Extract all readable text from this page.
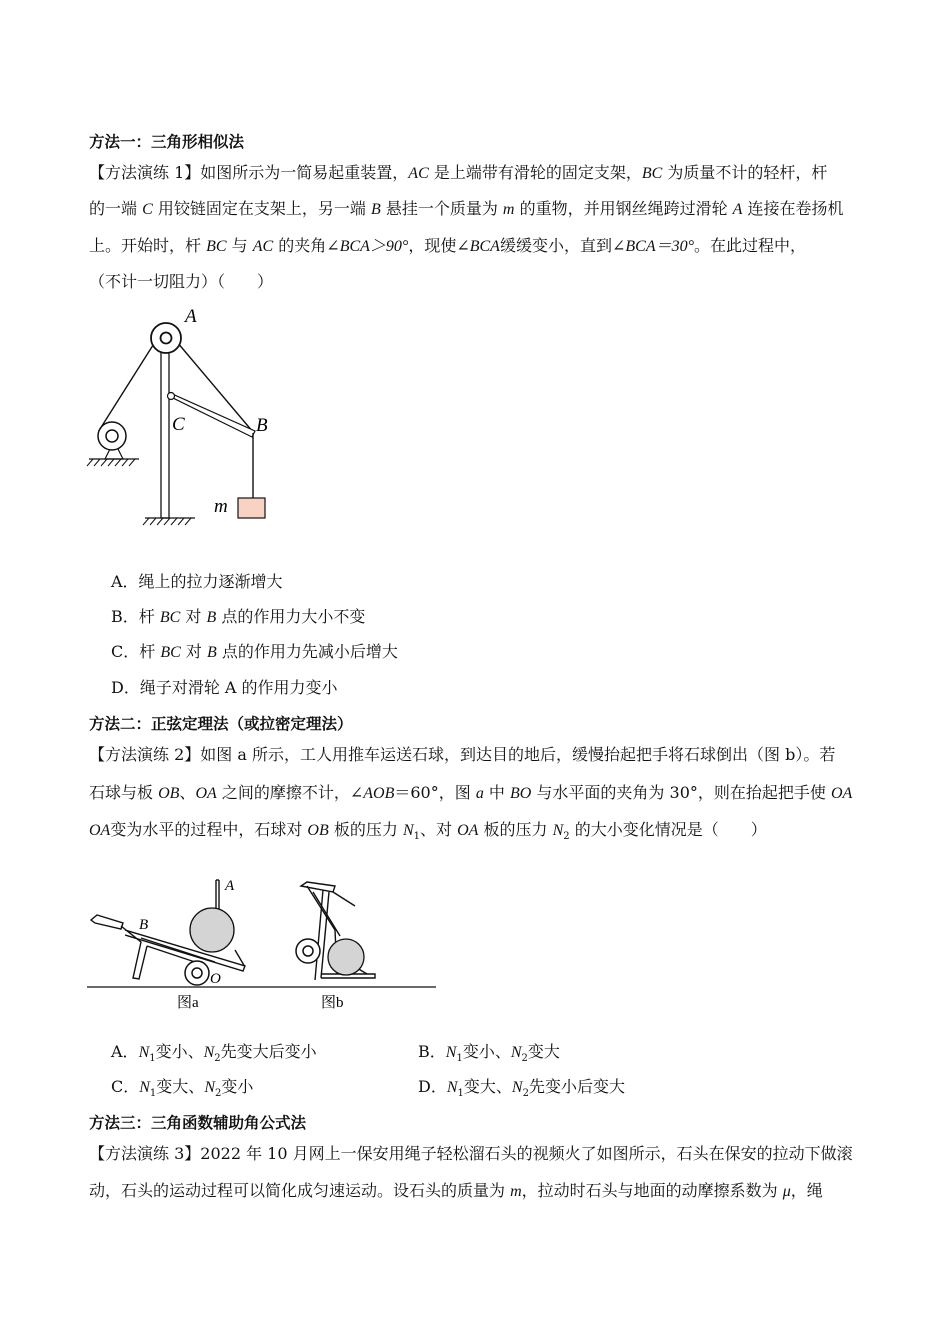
方法一：三角形相似法
【方法演练 1】如图所示为一简易起重装置，AC 是上端带有滑轮的固定支架，BC 为质量不计的轻杆，杆
的一端 C 用铰链固定在支架上，另一端 B 悬挂一个质量为 m 的重物，并用钢丝绳跨过滑轮 A 连接在卷扬机
上。开始时，杆 BC 与 AC 的夹角∠BCA＞90°，现使∠BCA缓缓变小，直到∠BCA＝30°。在此过程中，
（不计一切阻力）（　　）
A
C	B
m
A．绳上的拉力逐渐增大
B．杆 BC 对 B 点的作用力大小不变
C．杆 BC 对 B 点的作用力先减小后增大
D．绳子对滑轮 A 的作用力变小
方法二：正弦定理法（或拉密定理法）
【方法演练 2】如图 a 所示，工人用推车运送石球，到达目的地后，缓慢抬起把手将石球倒出（图 b）。若
石球与板 OB、OA 之间的摩擦不计，∠AOB＝60°，图 a 中 BO 与水平面的夹角为 30°，则在抬起把手使 OA
OA变为水平的过程中，石球对 OB 板的压力 $N_1$、对 OA 板的压力 $N_2$ 的大小变化情况是（　　）
A
B
O
图a	图b
A．$N_1$变小、$N_2$先变大后变小	B．$N_1$变小、$N_2$变大
C．$N_1$变大、$N_2$变小	D．$N_1$变大、$N_2$先变小后变大
方法三：三角函数辅助角公式法
【方法演练 3】2022 年 10 月网上一保安用绳子轻松溜石头的视频火了如图所示，石头在保安的拉动下做滚
动，石头的运动过程可以简化成匀速运动。设石头的质量为 m，拉动时石头与地面的动摩擦系数为 μ，绳
